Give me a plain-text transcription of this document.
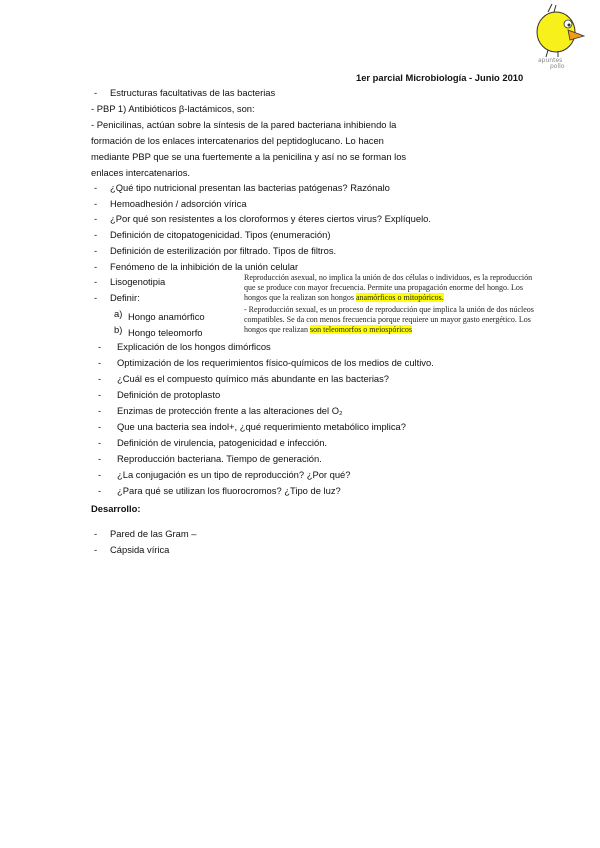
apuntes
pollo
1er parcial Microbiología - Junio 2010
- Estructuras facultativas de las bacterias
- PBP 1) Antibióticos β-lactámicos, son:
- Penicilinas, actúan sobre la síntesis de la pared bacteriana inhibiendo la
formación de los enlaces intercatenarios del peptidoglucano. Lo hacen
mediante PBP que se una fuertemente a la penicilina y así no se forman los
enlaces intercatenarios.
- ¿Qué tipo nutricional presentan las bacterias patógenas? Razónalo
- Hemoadhesión / adsorción vírica
- ¿Por qué son resistentes a los cloroformos y éteres ciertos virus? Explíquelo.
- Definición de citopatogenicidad. Tipos (enumeración)
- Definición de esterilización por filtrado. Tipos de filtros.
- Fenómeno de la inhibición de la unión celular
- Lisogenotipia
- Definir:
a) Hongo anamórfico
b) Hongo teleomorfo
Reproducción asexual, no implica la unión de dos células o individuos, es la reproducción que se produce con mayor frecuencia. Permite una propagación enorme del hongo. Los hongos que la realizan son hongos anamórficos o mitopóricos.
- Reproducción sexual, es un proceso de reproducción que implica la unión de dos núcleos compatibles. Se da con menos frecuencia porque requiere un mayor gasto energético. Los hongos que realizan son teleomorfos o meiospóricos
- Explicación de los hongos dimórficos
- Optimización de los requerimientos físico-químicos de los medios de cultivo.
- ¿Cuál es el compuesto químico más abundante en las bacterias?
- Definición de protoplasto
- Enzimas de protección frente a las alteraciones del O₂
- Que una bacteria sea indol+, ¿qué requerimiento metabólico implica?
- Definición de virulencia, patogenicidad e infección.
- Reproducción bacteriana. Tiempo de generación.
- ¿La conjugación es un tipo de reproducción? ¿Por qué?
- ¿Para qué se utilizan los fluorocromos? ¿Tipo de luz?
Desarrollo:
- Pared de las Gram –
- Cápsida vírica
